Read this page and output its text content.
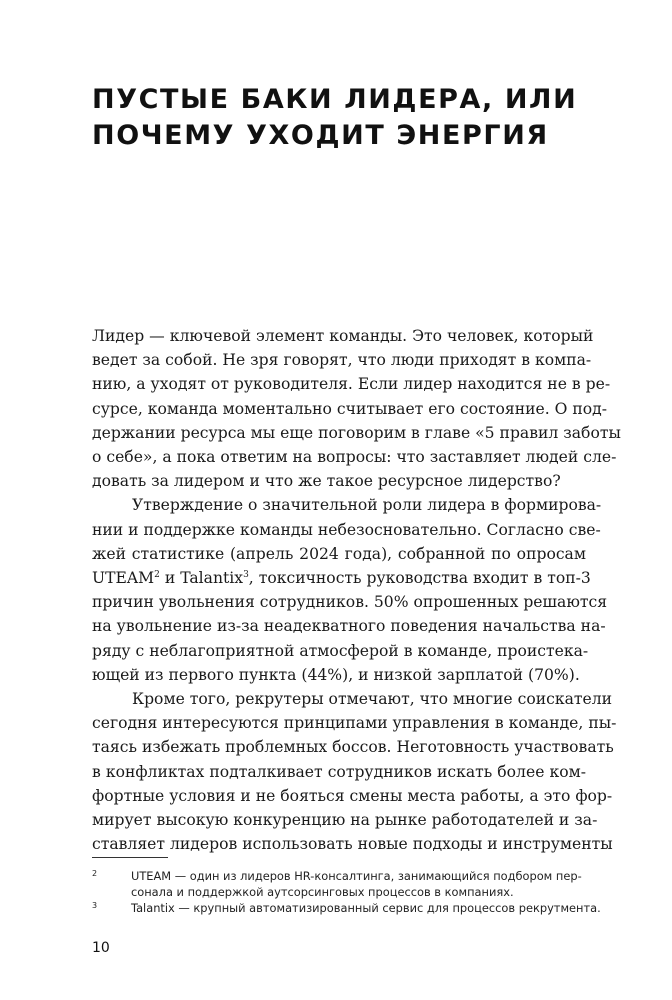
ПУСТЫЕ БАКИ ЛИДЕРА, ИЛИ
ПОЧЕМУ УХОДИТ ЭНЕРГИЯ

Лидер — ключевой элемент команды. Это человек, который
ведет за собой. Не зря говорят, что люди приходят в компа-
нию, а уходят от руководителя. Если лидер находится не в ре-
сурсе, команда моментально считывает его состояние. О под-
держании ресурса мы еще поговорим в главе «5 правил заботы
о себе», а пока ответим на вопросы: что заставляет людей сле-
довать за лидером и что же такое ресурсное лидерство?

Утверждение о значительной роли лидера в формирова-
нии и поддержке команды небезосновательно. Согласно све-
жей статистике (апрель 2024 года), собранной по опросам
UTEAM$^2$ и Talantix$^3$, токсичность руководства входит в топ-3
причин увольнения сотрудников. 50% опрошенных решаются
на увольнение из-за неадекватного поведения начальства на-
ряду с неблагоприятной атмосферой в команде, проистека-
ющей из первого пункта (44%), и низкой зарплатой (70%).

Кроме того, рекрутеры отмечают, что многие соискатели
сегодня интересуются принципами управления в команде, пы-
таясь избежать проблемных боссов. Неготовность участвовать
в конфликтах подталкивает сотрудников искать более ком-
фортные условия и не бояться смены места работы, а это фор-
мирует высокую конкуренцию на рынке работодателей и за-
ставляет лидеров использовать новые подходы и инструменты

2	UTEAM — один из лидеров HR-консалтинга, занимающийся подбором пер-
сонала и поддержкой аутсорсинговых процессов в компаниях.
3	Talantix — крупный автоматизированный сервис для процессов рекрутмента.
10
